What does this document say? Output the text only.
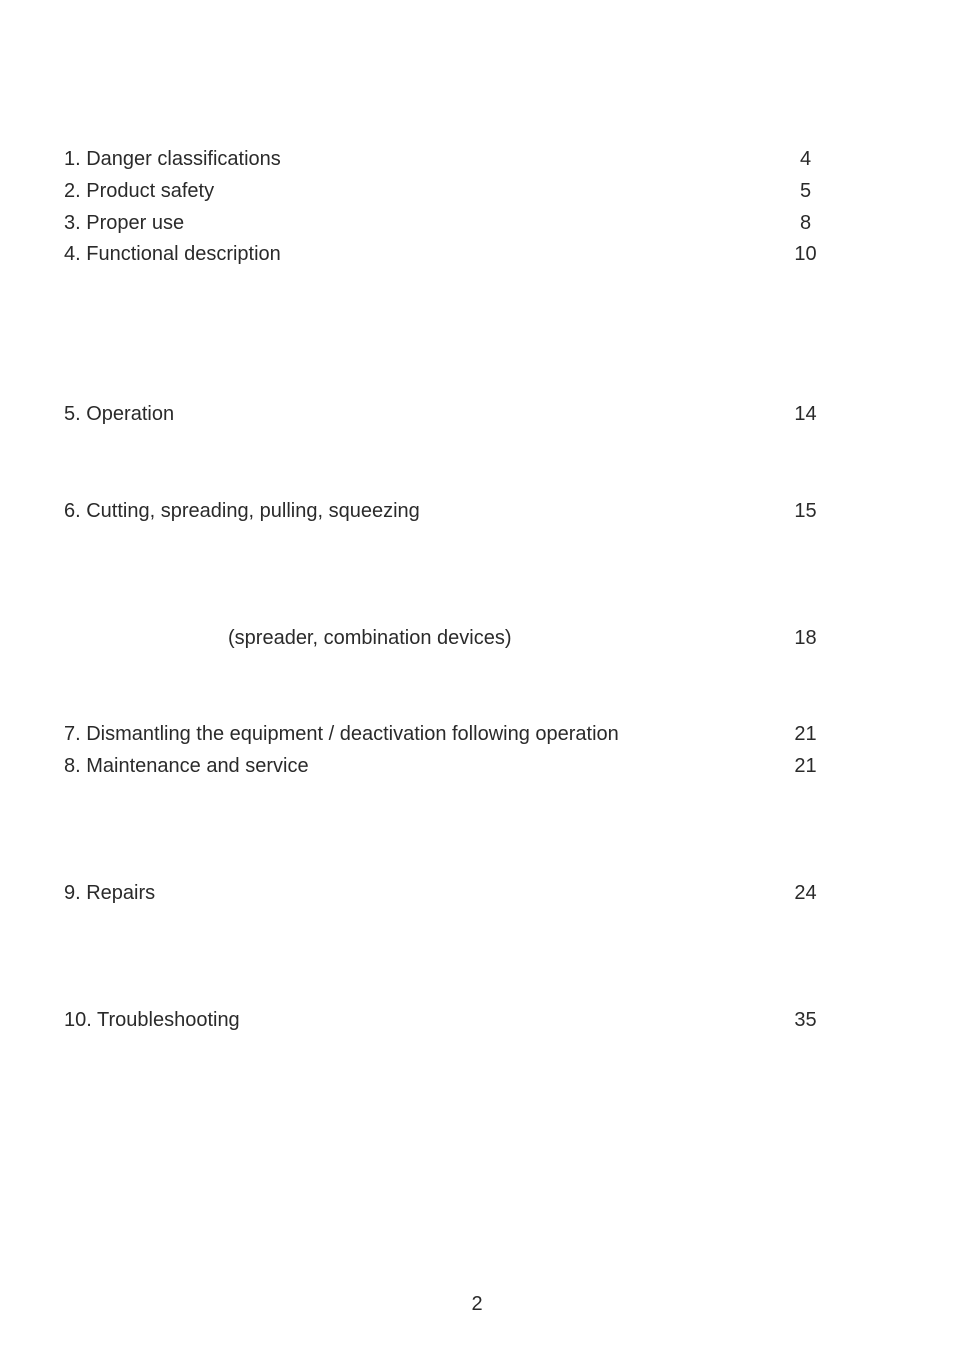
1. Danger classifications	4
2. Product safety	5
3. Proper use	8
4. Functional description	10
5. Operation	14
6. Cutting, spreading, pulling, squeezing	15
(spreader, combination devices)	18
7. Dismantling the equipment / deactivation following operation	21
8. Maintenance and service	21
9. Repairs	24
10. Troubleshooting	35
2
